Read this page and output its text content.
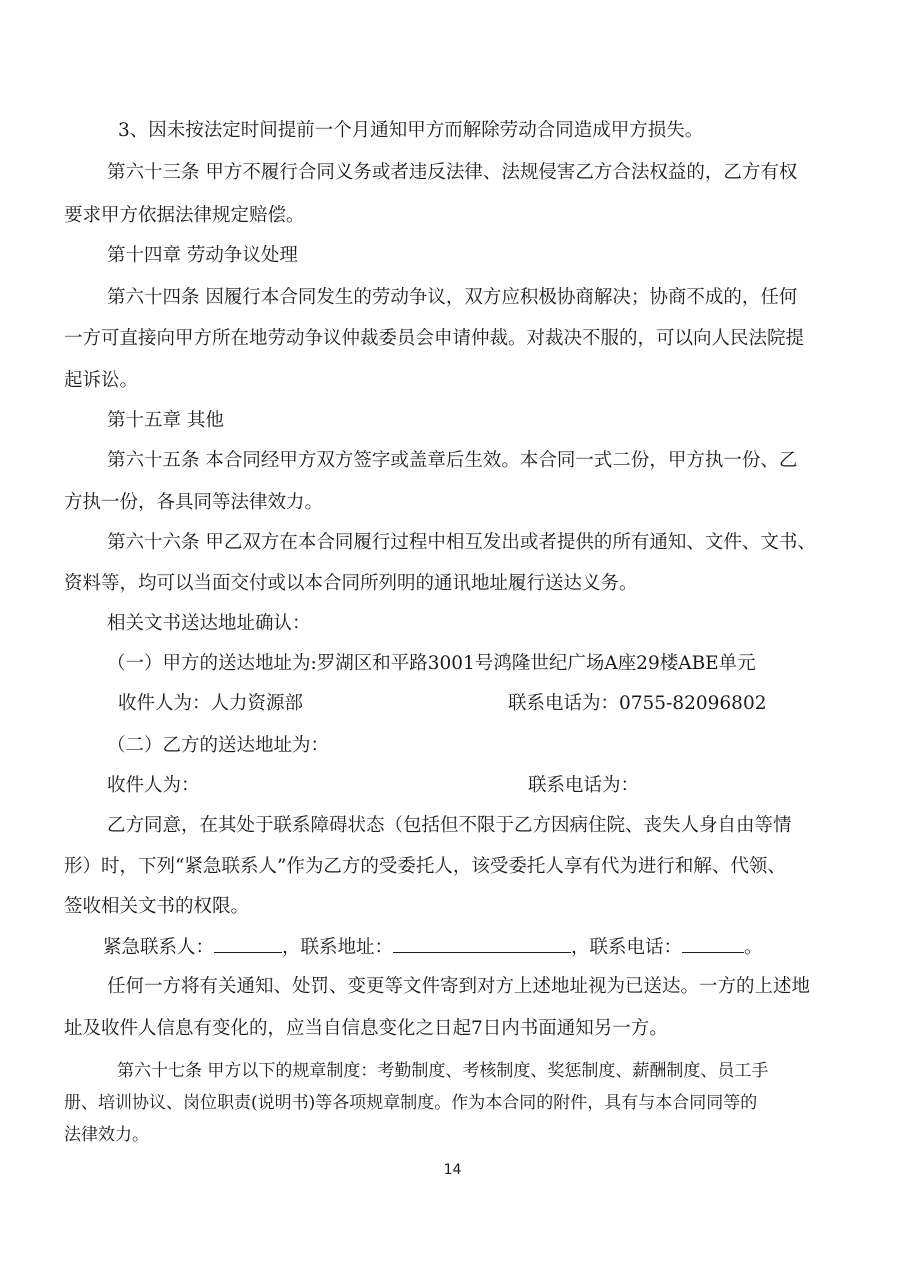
3、因未按法定时间提前一个月通知甲方而解除劳动合同造成甲方损失。
第六十三条 甲方不履行合同义务或者违反法律、法规侵害乙方合法权益的，乙方有权
要求甲方依据法律规定赔偿。
第十四章 劳动争议处理
第六十四条 因履行本合同发生的劳动争议，双方应积极协商解决；协商不成的，任何
一方可直接向甲方所在地劳动争议仲裁委员会申请仲裁。对裁决不服的，可以向人民法院提
起诉讼。
第十五章 其他
第六十五条 本合同经甲方双方签字或盖章后生效。本合同一式二份，甲方执一份、乙
方执一份，各具同等法律效力。
第六十六条 甲乙双方在本合同履行过程中相互发出或者提供的所有通知、文件、文书、
资料等，均可以当面交付或以本合同所列明的通讯地址履行送达义务。
相关文书送达地址确认：
（一）甲方的送达地址为:罗湖区和平路3001号鸿隆世纪广场A座29楼ABE单元
收件人为：人力资源部	联系电话为：0755-82096802
（二）乙方的送达地址为：
收件人为：	联系电话为：
乙方同意，在其处于联系障碍状态（包括但不限于乙方因病住院、丧失人身自由等情
形）时，下列“紧急联系人”作为乙方的受委托人，该受委托人享有代为进行和解、代领、
签收相关文书的权限。
紧急联系人：	，联系地址：	，联系电话：	。
任何一方将有关通知、处罚、变更等文件寄到对方上述地址视为已送达。一方的上述地
址及收件人信息有变化的，应当自信息变化之日起7日内书面通知另一方。
第六十七条 甲方以下的规章制度：考勤制度、考核制度、奖惩制度、薪酬制度、员工手
册、培训协议、岗位职责(说明书)等各项规章制度。作为本合同的附件，具有与本合同同等的
法律效力。
14
